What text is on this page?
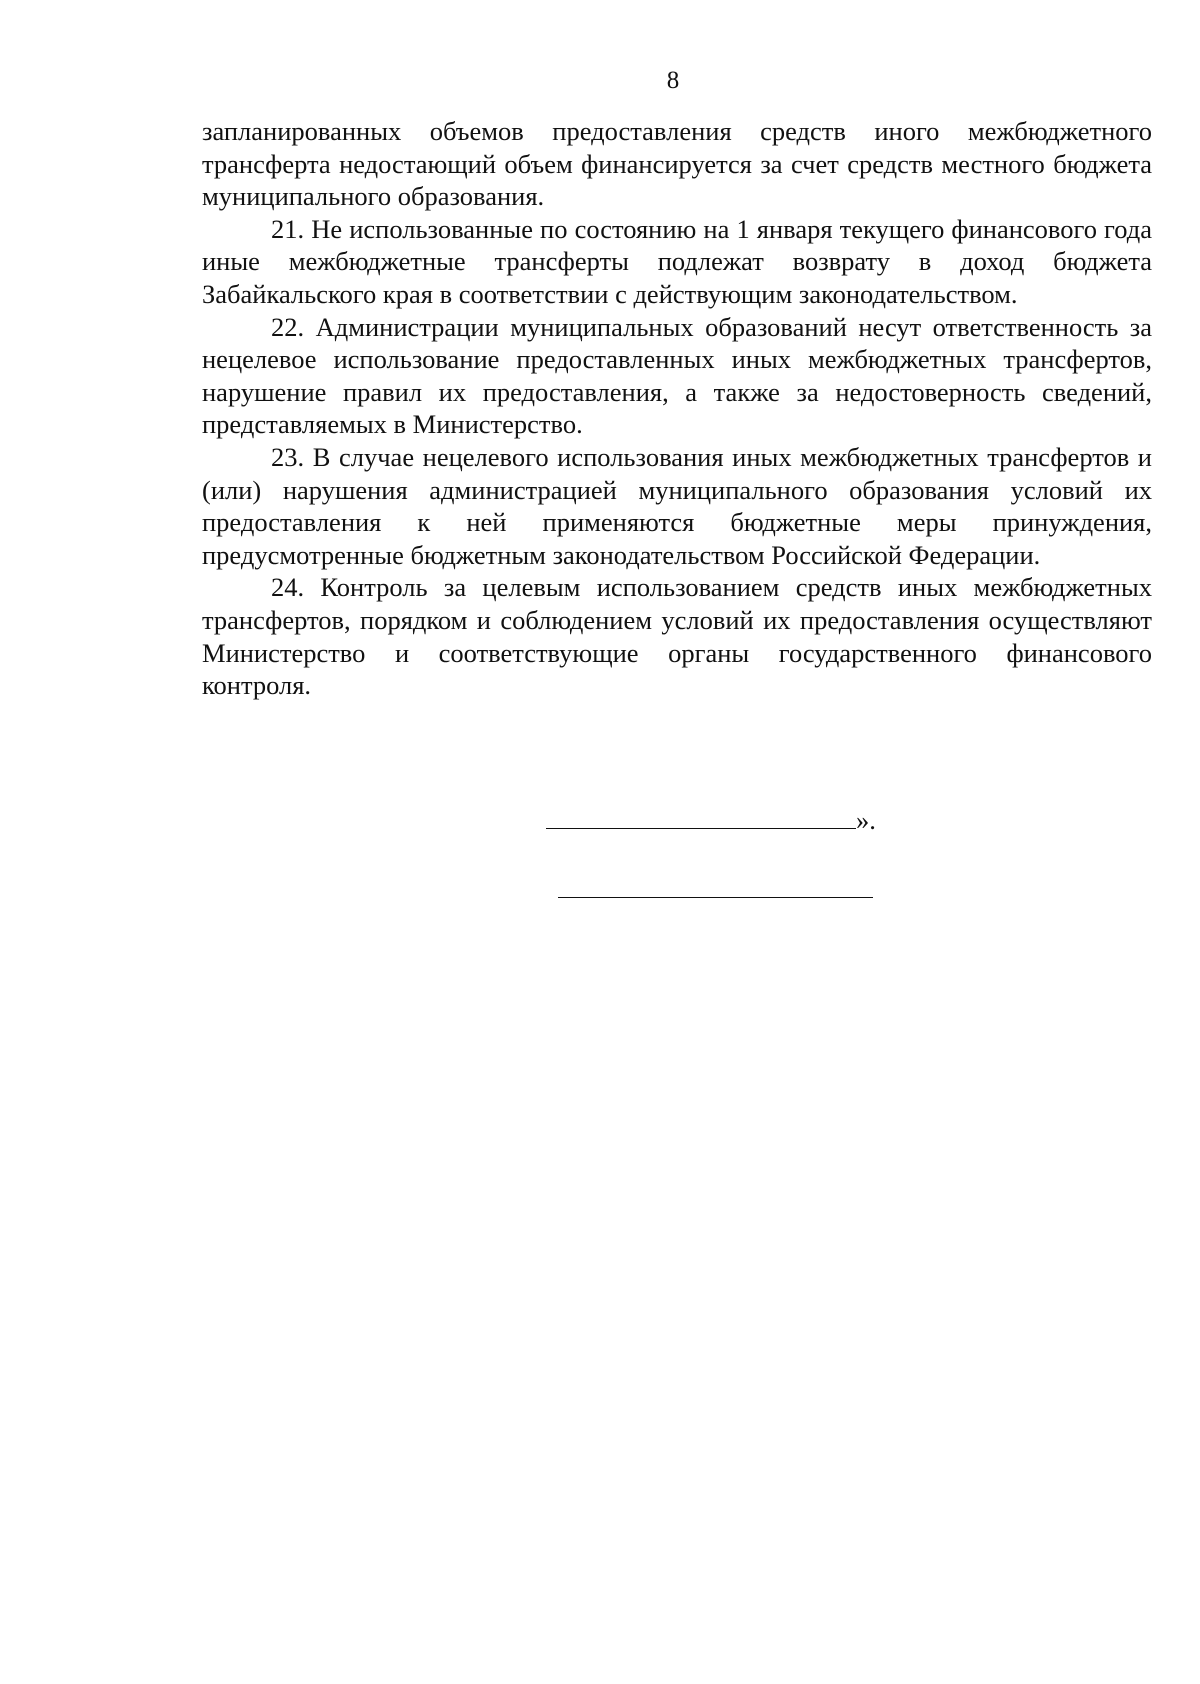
8

запланированных объемов предоставления средств иного межбюджетного трансферта недостающий объем финансируется за счет средств местного бюджета муниципального образования.

21. Не использованные по состоянию на 1 января текущего финансового года иные межбюджетные трансферты подлежат возврату в доход бюджета Забайкальского края в соответствии с действующим законодательством.

22. Администрации муниципальных образований несут ответственность за нецелевое использование предоставленных иных межбюджетных трансфертов, нарушение правил их предоставления, а также за недостоверность сведений, представляемых в Министерство.

23. В случае нецелевого использования иных межбюджетных трансфертов и (или) нарушения администрацией муниципального образования условий их предоставления к ней применяются бюджетные меры принуждения, предусмотренные бюджетным законодательством Российской Федерации.

24. Контроль за целевым использованием средств иных межбюджетных трансфертов, порядком и соблюдением условий их предоставления осуществляют Министерство и соответствующие органы государственного финансового контроля.

».
